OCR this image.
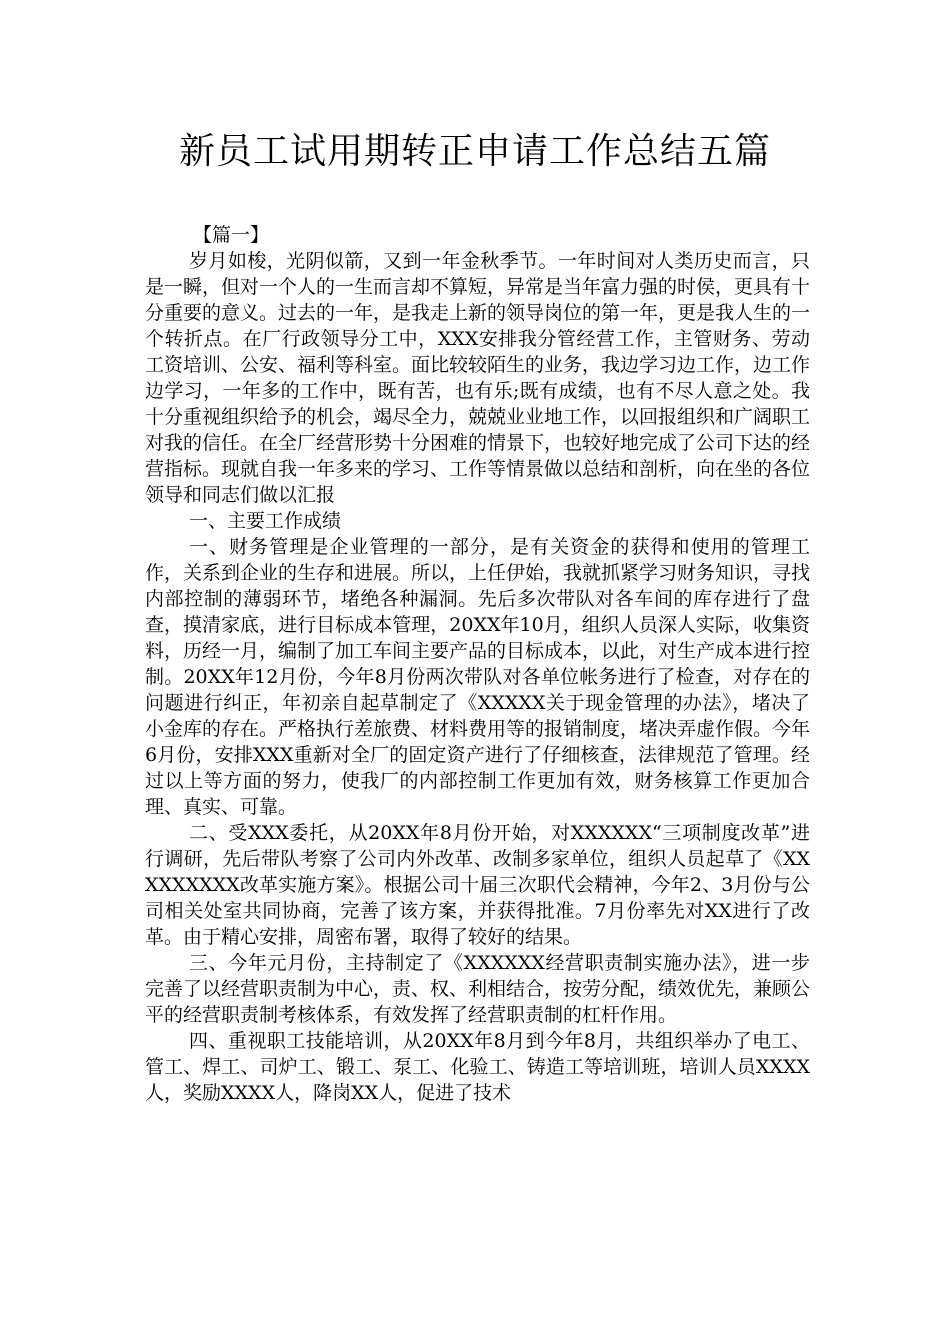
新员工试用期转正申请工作总结五篇

【篇一】

岁月如梭，光阴似箭，又到一年金秋季节。一年时间对人类历史而言，只是一瞬，但对一个人的一生而言却不算短，异常是当年富力强的时侯，更具有十分重要的意义。过去的一年，是我走上新的领导岗位的第一年，更是我人生的一个转折点。在厂行政领导分工中，XXX安排我分管经营工作，主管财务、劳动工资培训、公安、福利等科室。面比较较陌生的业务，我边学习边工作，边工作边学习，一年多的工作中，既有苦，也有乐;既有成绩，也有不尽人意之处。我十分重视组织给予的机会，竭尽全力，兢兢业业地工作，以回报组织和广阔职工对我的信任。在全厂经营形势十分困难的情景下，也较好地完成了公司下达的经营指标。现就自我一年多来的学习、工作等情景做以总结和剖析，向在坐的各位领导和同志们做以汇报

一、主要工作成绩

一、财务管理是企业管理的一部分，是有关资金的获得和使用的管理工作，关系到企业的生存和进展。所以，上任伊始，我就抓紧学习财务知识，寻找内部控制的薄弱环节，堵绝各种漏洞。先后多次带队对各车间的库存进行了盘查，摸清家底，进行目标成本管理，20XX年10月，组织人员深人实际，收集资料，历经一月，编制了加工车间主要产品的目标成本，以此，对生产成本进行控制。20XX年12月份，今年8月份两次带队对各单位帐务进行了检查，对存在的问题进行纠正，年初亲自起草制定了《XXXXX关于现金管理的办法》，堵决了小金库的存在。严格执行差旅费、材料费用等的报销制度，堵决弄虚作假。今年6月份，安排XXX重新对全厂的固定资产进行了仔细核查，法律规范了管理。经过以上等方面的努力，使我厂的内部控制工作更加有效，财务核算工作更加合理、真实、可靠。

二、受XXX委托，从20XX年8月份开始，对XXXXXX“三项制度改革”进行调研，先后带队考察了公司内外改革、改制多家单位，组织人员起草了《XXXXXXXXX改革实施方案》。根据公司十届三次职代会精神，今年2、3月份与公司相关处室共同协商，完善了该方案，并获得批准。7月份率先对XX进行了改革。由于精心安排，周密布署，取得了较好的结果。

三、今年元月份，主持制定了《XXXXXX经营职责制实施办法》，进一步完善了以经营职责制为中心，责、权、利相结合，按劳分配，绩效优先，兼顾公平的经营职责制考核体系，有效发挥了经营职责制的杠杆作用。

四、重视职工技能培训，从20XX年8月到今年8月，共组织举办了电工、管工、焊工、司炉工、锻工、泵工、化验工、铸造工等培训班，培训人员XXXX人，奖励XXXX人，降岗XX人，促进了技术
